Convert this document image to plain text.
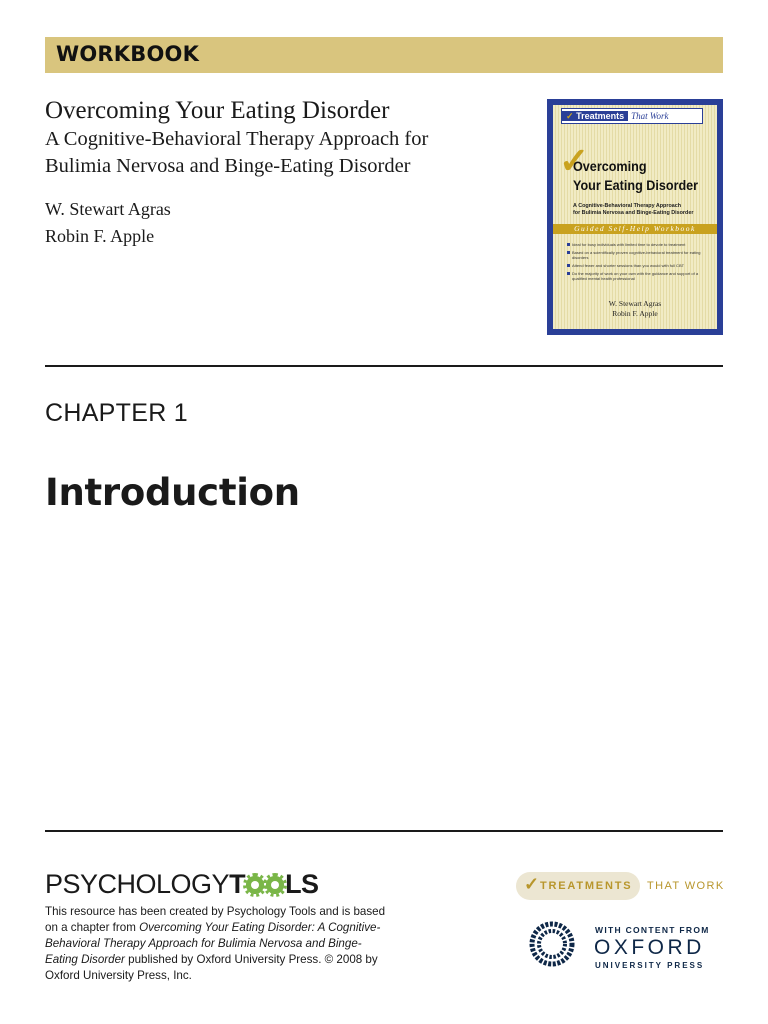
WORKBOOK
Overcoming Your Eating Disorder
A Cognitive-Behavioral Therapy Approach for
Bulimia Nervosa and Binge-Eating Disorder
W. Stewart Agras
Robin F. Apple
✓ Treatments That Work
✓
Overcoming
Your Eating Disorder
A Cognitive-Behavioral Therapy Approach
for Bulimia Nervosa and Binge-Eating Disorder
Guided Self-Help Workbook
Ideal for busy individuals with limited time to devote to treatment
Based on a scientifically proven cognitive-behavioral treatment for eating disorders
Attend fewer and shorter sessions than you would with full CBT
Do the majority of work on your own with the guidance and support of a qualified mental health professional
W. Stewart Agras
Robin F. Apple
CHAPTER 1
Introduction
PSYCHOLOGYT LS
This resource has been created by Psychology Tools and is based on a chapter from Overcoming Your Eating Disorder: A Cognitive-Behavioral Therapy Approach for Bulimia Nervosa and Binge-Eating Disorder published by Oxford University Press. © 2008 by Oxford University Press, Inc.
✓ TREATMENTS THAT WORK
WITH CONTENT FROM
OXFORD
UNIVERSITY PRESS
